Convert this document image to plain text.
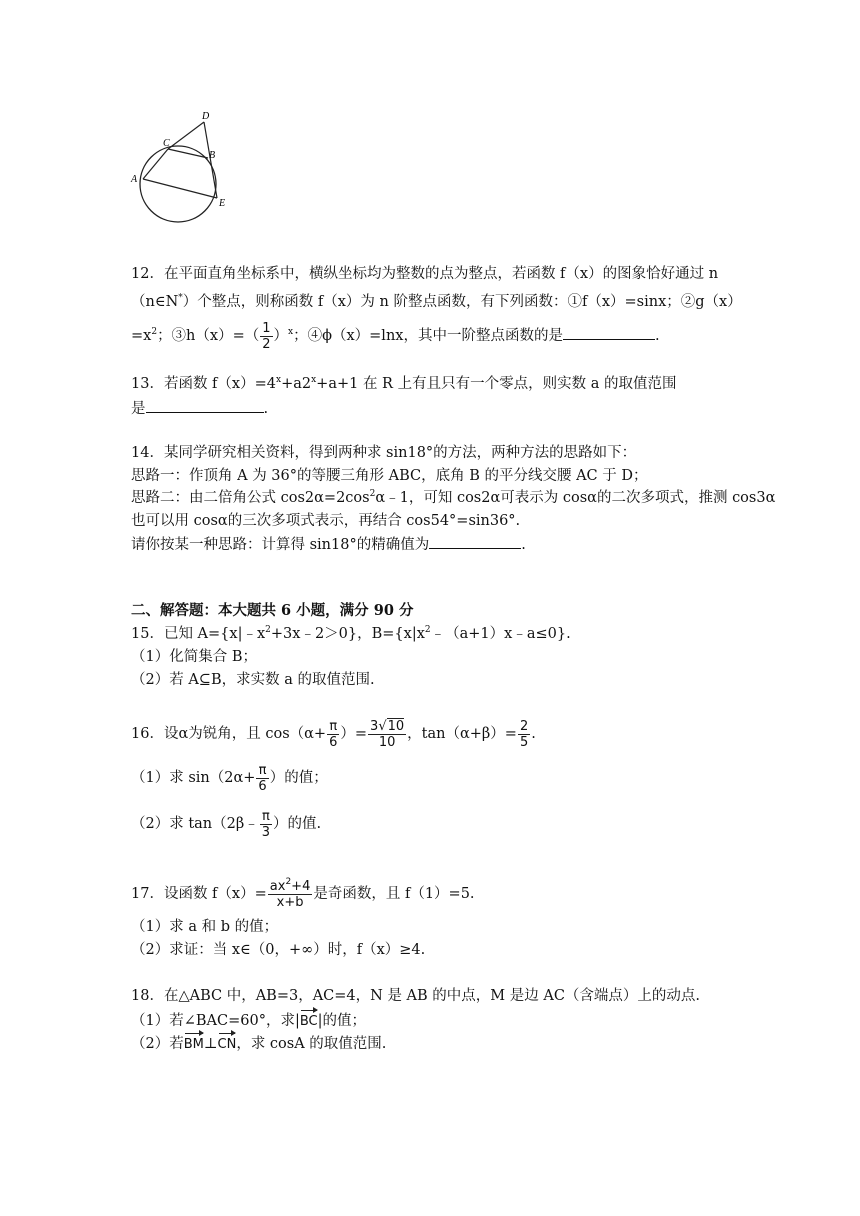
A
C
D
B
E
12．在平面直角坐标系中，横纵坐标均为整数的点为整点，若函数 f（x）的图象恰好通过 n
（n∈N*）个整点，则称函数 f（x）为 n 阶整点函数，有下列函数：①f（x）=sinx；②g（x）
$=x^2$；③h（x）=（ $\frac{1}{2} )^x$；④ϕ（x）=lnx，其中一阶整点函数的是	.
13．若函数 $f(x)=4^x+a2^x+a+1$ 在 R 上有且只有一个零点，则实数 a 的取值范围
是	.
14．某同学研究相关资料，得到两种求 sin18°的方法，两种方法的思路如下：
思路一：作顶角 A 为 36°的等腰三角形 ABC，底角 B 的平分线交腰 AC 于 D；
思路二：由二倍角公式 $\cos 2\alpha=2\cos^2\alpha﹣1$，可知 cos2α可表示为 cosα的二次多项式，推测 cos3α
也可以用 cosα的三次多项式表示，再结合 cos54°=sin36°.
请你按某一种思路：计算得 sin18°的精确值为	.
二、解答题：本大题共 6 小题，满分 90 分
15．已知 $A=\{x|﹣x^2+3x﹣2>0\}$，$B=\{x|x^2﹣(a+1)x﹣a\le 0\}$.
（1）化简集合 B；
（2）若 A⊆B，求实数 a 的取值范围.
16．设α为锐角，且 $\cos(\alpha+ \frac{\pi}{6}$ ）= $\frac{3√10}{10}$ ，$\tan(\alpha+\beta)= \frac{2}{5}$ .
（1）求 $\sin(2\alpha+ \frac{\pi}{6}$ ）的值；
（2）求 tan（2β﹣ $\frac{\pi}{3}$ ）的值.
17．设函数 $f(x)= \frac{ax^2+4}{x+b}$ 是奇函数，且 f（1）=5.
（1）求 a 和 b 的值；
（2）求证：当 x∈（0，+∞）时，f（x）≥4.
18．在△ABC 中，AB=3，AC=4，N 是 AB 的中点，M 是边 AC（含端点）上的动点.
（1）若∠BAC=60°，求|BC|的值；
（2）若BM⊥CN，求 cosA 的取值范围.
